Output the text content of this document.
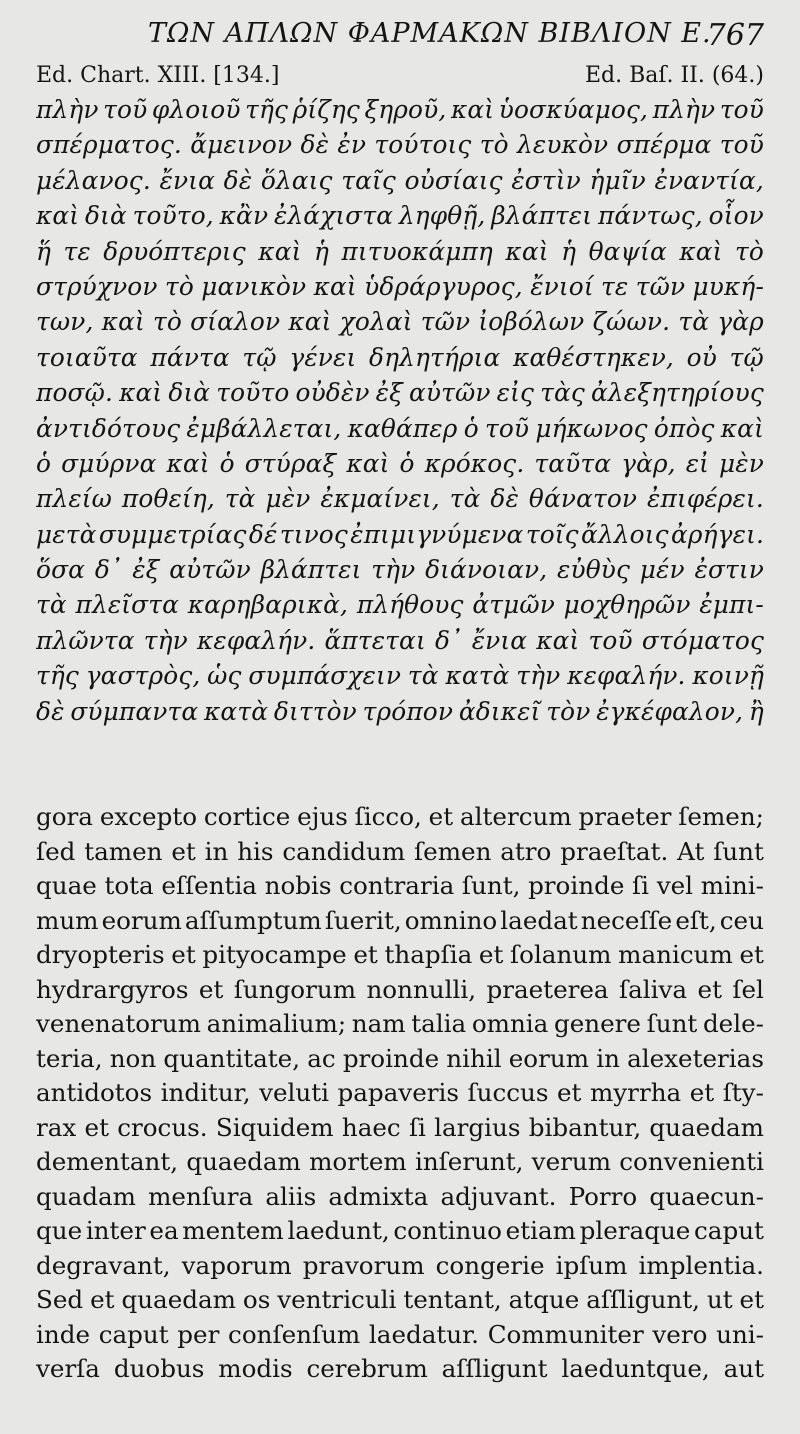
ΤΩΝ ΑΠΛΩΝ ΦΑΡΜΑΚΩΝ ΒΙΒΛΙΟΝ Ε.
767
Ed. Chart. XIII. [134.]	Ed. Baſ. II. (64.)
πλὴν τοῦ φλοιοῦ τῆς ῥίζης ξηροῦ, καὶ ὑοσκύαμος, πλὴν τοῦ
σπέρματος. ἄμεινον δὲ ἐν τούτοις τὸ λευκὸν σπέρμα τοῦ
μέλανος. ἔνια δὲ ὅλαις ταῖς οὐσίαις ἐστὶν ἡμῖν ἐναντία,
καὶ διὰ τοῦτο, κἂν ἐλάχιστα ληφθῇ, βλάπτει πάντως, οἷον
ἥ τε δρυόπτερις καὶ ἡ πιτυοκάμπη καὶ ἡ θαψία καὶ τὸ
στρύχνον τὸ μανικὸν καὶ ὑδράργυρος, ἔνιοί τε τῶν μυκή-
των, καὶ τὸ σίαλον καὶ χολαὶ τῶν ἰοβόλων ζώων. τὰ γὰρ
τοιαῦτα πάντα τῷ γένει δηλητήρια καθέστηκεν, οὐ τῷ
ποσῷ. καὶ διὰ τοῦτο οὐδὲν ἐξ αὐτῶν εἰς τὰς ἀλεξητηρίους
ἀντιδότους ἐμβάλλεται, καθάπερ ὁ τοῦ μήκωνος ὀπὸς καὶ
ὁ σμύρνα καὶ ὁ στύραξ καὶ ὁ κρόκος. ταῦτα γὰρ, εἰ μὲν
πλείω ποθείη, τὰ μὲν ἐκμαίνει, τὰ δὲ θάνατον ἐπιφέρει.
μετὰ συμμετρίας δέ τινος ἐπιμιγνύμενα τοῖς ἄλλοις ἀρήγει.
ὅσα δ᾽ ἐξ αὐτῶν βλάπτει τὴν διάνοιαν, εὐθὺς μέν ἐστιν
τὰ πλεῖστα καρηβαρικὰ, πλήθους ἀτμῶν μοχθηρῶν ἐμπι-
πλῶντα τὴν κεφαλήν. ἅπτεται δ᾽ ἔνια καὶ τοῦ στόματος
τῆς γαστρὸς, ὡς συμπάσχειν τὰ κατὰ τὴν κεφαλήν. κοινῇ
δὲ σύμπαντα κατὰ διττὸν τρόπον ἀδικεῖ τὸν ἐγκέφαλον, ἢ
gora excepto cortice ejus ſicco, et altercum praeter ſemen;
ſed tamen et in his candidum ſemen atro praeſtat. At ſunt
quae tota eſſentia nobis contraria ſunt, proinde ſi vel mini-
mum eorum aſſumptum ſuerit, omnino laedat neceſſe eſt, ceu
dryopteris et pityocampe et thapſia et ſolanum manicum et
hydrargyros et ſungorum nonnulli, praeterea ſaliva et ſel
venenatorum animalium; nam talia omnia genere ſunt dele-
teria, non quantitate, ac proinde nihil eorum in alexeterias
antidotos inditur, veluti papaveris ſuccus et myrrha et ſty-
rax et crocus. Siquidem haec ſi largius bibantur, quaedam
dementant, quaedam mortem inſerunt, verum convenienti
quadam menſura aliis admixta adjuvant. Porro quaecun-
que inter ea mentem laedunt, continuo etiam pleraque caput
degravant, vaporum pravorum congerie ipſum implentia.
Sed et quaedam os ventriculi tentant, atque aſſligunt, ut et
inde caput per conſenſum laedatur. Communiter vero uni-
verſa duobus modis cerebrum aſſligunt laeduntque, aut
